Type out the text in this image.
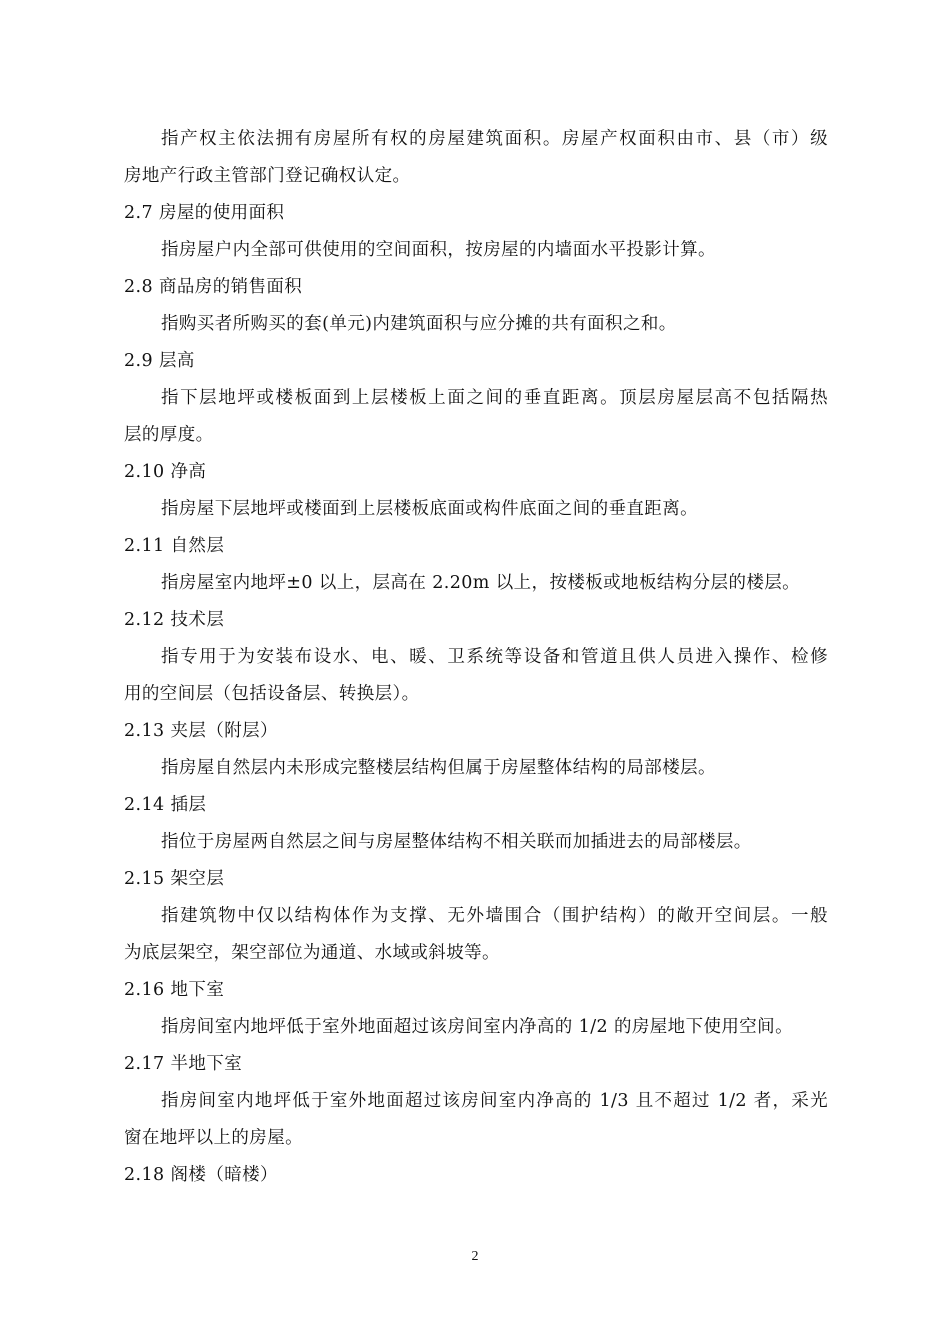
指产权主依法拥有房屋所有权的房屋建筑面积。房屋产权面积由市、县（市）级
房地产行政主管部门登记确权认定。
2.7 房屋的使用面积
指房屋户内全部可供使用的空间面积，按房屋的内墙面水平投影计算。
2.8 商品房的销售面积
指购买者所购买的套(单元)内建筑面积与应分摊的共有面积之和。
2.9 层高
指下层地坪或楼板面到上层楼板上面之间的垂直距离。顶层房屋层高不包括隔热
层的厚度。
2.10 净高
指房屋下层地坪或楼面到上层楼板底面或构件底面之间的垂直距离。
2.11 自然层
指房屋室内地坪±0 以上，层高在 2.20m 以上，按楼板或地板结构分层的楼层。
2.12 技术层
指专用于为安装布设水、电、暖、卫系统等设备和管道且供人员进入操作、检修
用的空间层（包括设备层、转换层）。
2.13 夹层（附层）
指房屋自然层内未形成完整楼层结构但属于房屋整体结构的局部楼层。
2.14 插层
指位于房屋两自然层之间与房屋整体结构不相关联而加插进去的局部楼层。
2.15 架空层
指建筑物中仅以结构体作为支撑、无外墙围合（围护结构）的敞开空间层。一般
为底层架空，架空部位为通道、水域或斜坡等。
2.16 地下室
指房间室内地坪低于室外地面超过该房间室内净高的 1/2 的房屋地下使用空间。
2.17 半地下室
指房间室内地坪低于室外地面超过该房间室内净高的 1/3 且不超过 1/2 者，采光
窗在地坪以上的房屋。
2.18 阁楼（暗楼）
2
